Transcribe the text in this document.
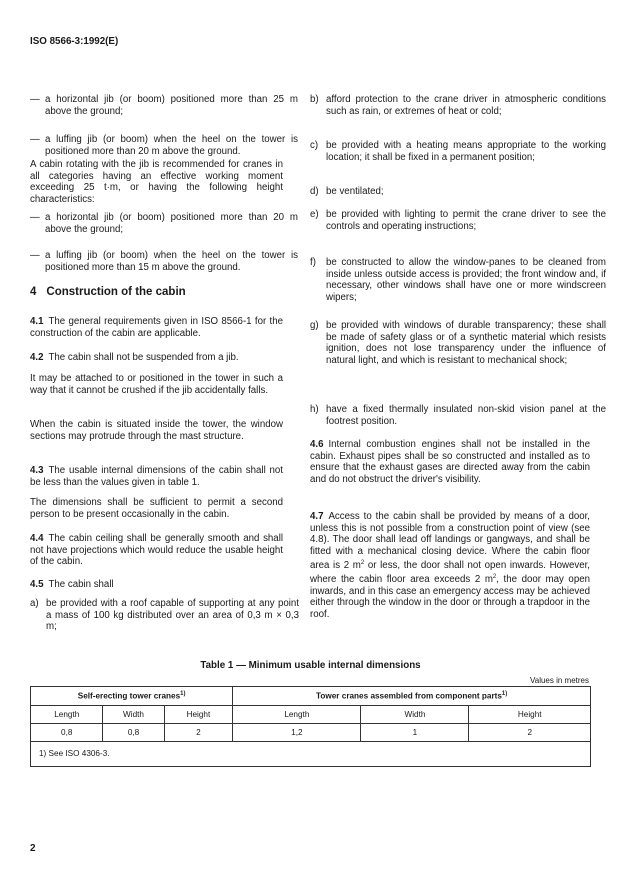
ISO 8566-3:1992(E)
— a horizontal jib (or boom) positioned more than 25 m above the ground;
— a luffing jib (or boom) when the heel on the tower is positioned more than 20 m above the ground.
A cabin rotating with the jib is recommended for cranes in all categories having an effective working moment exceeding 25 t·m, or having the following height characteristics:
— a horizontal jib (or boom) positioned more than 20 m above the ground;
— a luffing jib (or boom) when the heel on the tower is positioned more than 15 m above the ground.
4 Construction of the cabin
4.1 The general requirements given in ISO 8566-1 for the construction of the cabin are applicable.
4.2 The cabin shall not be suspended from a jib.
It may be attached to or positioned in the tower in such a way that it cannot be crushed if the jib accidentally falls.
When the cabin is situated inside the tower, the window sections may protrude through the mast structure.
4.3 The usable internal dimensions of the cabin shall not be less than the values given in table 1.
The dimensions shall be sufficient to permit a second person to be present occasionally in the cabin.
4.4 The cabin ceiling shall be generally smooth and shall not have projections which would reduce the usable height of the cabin.
4.5 The cabin shall
a) be provided with a roof capable of supporting at any point a mass of 100 kg distributed over an area of 0,3 m × 0,3 m;
b) afford protection to the crane driver in atmospheric conditions such as rain, or extremes of heat or cold;
c) be provided with a heating means appropriate to the working location; it shall be fixed in a permanent position;
d) be ventilated;
e) be provided with lighting to permit the crane driver to see the controls and operating instructions;
f) be constructed to allow the window-panes to be cleaned from inside unless outside access is provided; the front window and, if necessary, other windows shall have one or more windscreen wipers;
g) be provided with windows of durable transparency; these shall be made of safety glass or of a synthetic material which resists ignition, does not lose transparency under the influence of natural light, and which is resistant to mechanical shock;
h) have a fixed thermally insulated non-skid vision panel at the footrest position.
4.6 Internal combustion engines shall not be installed in the cabin. Exhaust pipes shall be so constructed and installed as to ensure that the exhaust gases are directed away from the cabin and do not obstruct the driver's visibility.
4.7 Access to the cabin shall be provided by means of a door, unless this is not possible from a construction point of view (see 4.8). The door shall lead off landings or gangways, and shall be fitted with a mechanical closing device. Where the cabin floor area is 2 $m^2$ or less, the door shall not open inwards. However, where the cabin floor area exceeds 2 $m^2$, the door may open inwards, and in this case an emergency access may be achieved either through the window in the door or through a trapdoor in the roof.
Table 1 — Minimum usable internal dimensions
Values in metres
Self-erecting tower cranes$^{1)}$			Tower cranes assembled from component parts$^{1)}$
Length	Width	Height	Length	Width	Height
0,8	0,8	2	1,2	1	2
1) See ISO 4306-3.					
2
